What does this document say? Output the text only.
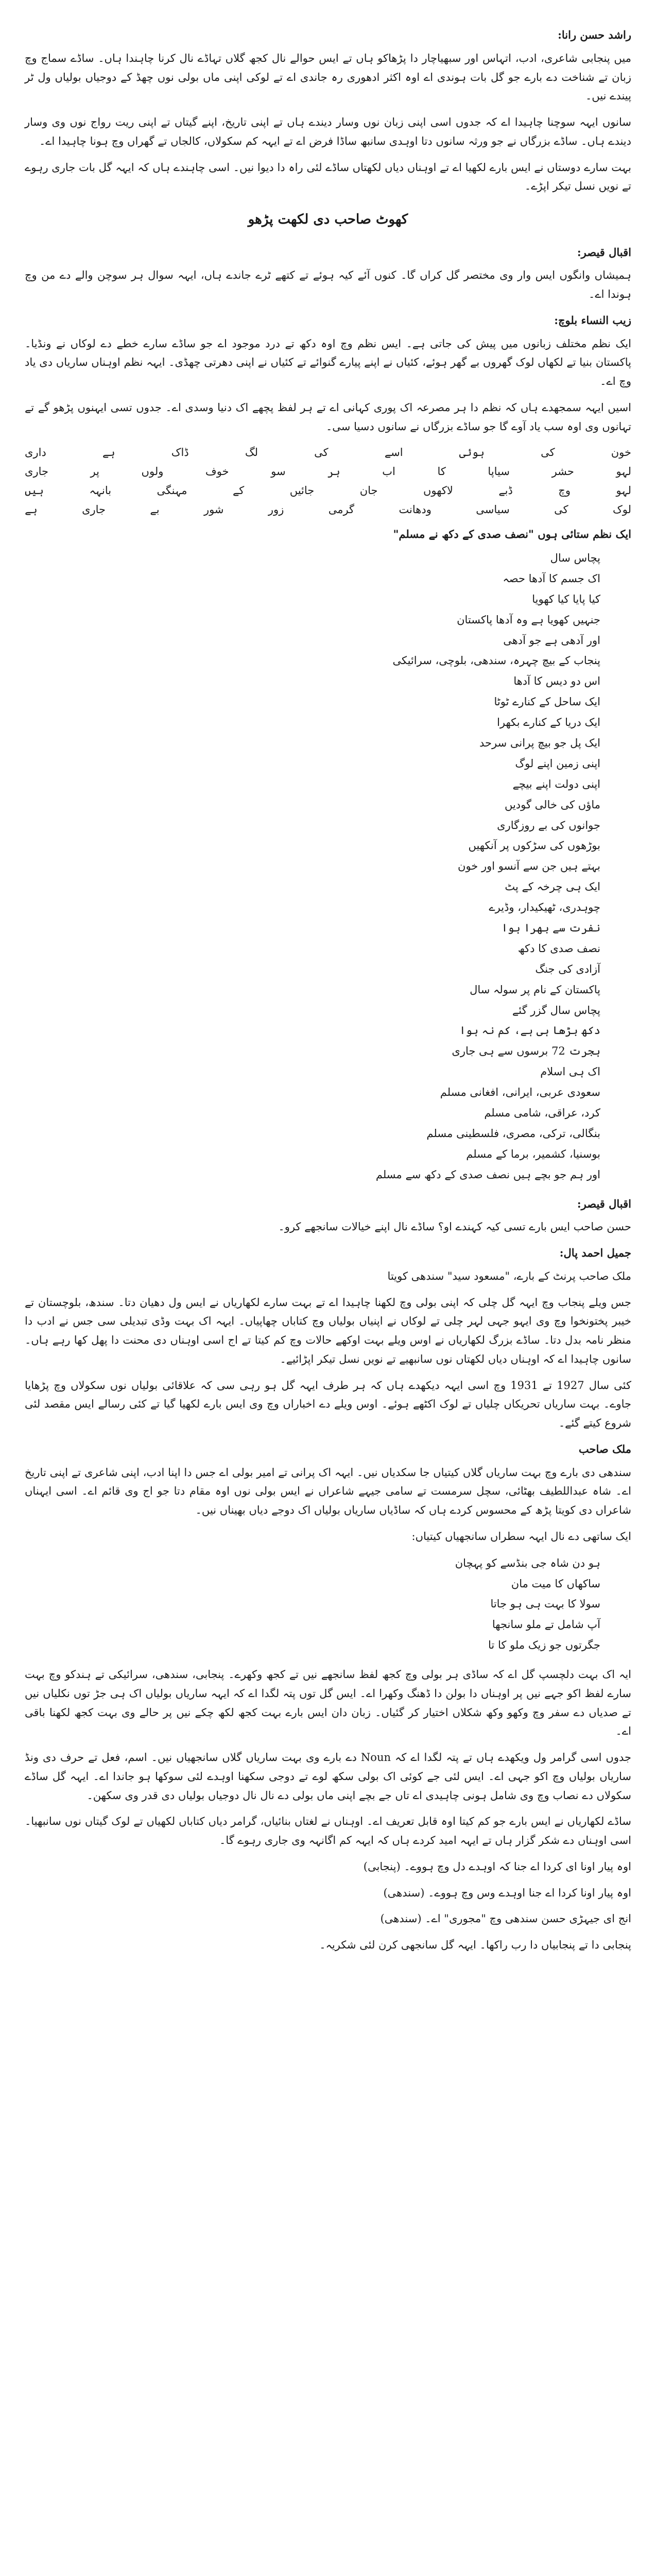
راشد حسن رانا:

میں پنجابی شاعری، ادب، اتہاس اور سبھیاچار دا پڑھاکو ہاں تے ایس حوالے نال کجھ گلاں تہاڈے نال کرنا چاہندا ہاں۔ ساڈے سماج وچ زبان تے شناخت دے بارے جو گل بات ہوندی اے اوہ اکثر ادھوری رہ جاندی اے تے لوکی اپنی ماں بولی نوں چھڈ کے دوجیاں بولیاں ول ٹر پیندے نیں۔

سانوں ایہہ سوچنا چاہیدا اے کہ جدوں اسی اپنی زبان نوں وسار دیندے ہاں تے اپنی تاریخ، اپنے گیتاں تے اپنی ریت رواج نوں وی وسار دیندے ہاں۔ ساڈے بزرگاں نے جو ورثہ سانوں دتا اوہدی سانبھ ساڈا فرض اے تے ایہہ کم سکولاں، کالجاں تے گھراں وچ ہونا چاہیدا اے۔

بہت سارے دوستاں نے ایس بارے لکھیا اے تے اوہناں دیاں لکھتاں ساڈے لئی راہ دا دیوا نیں۔ اسی چاہندے ہاں کہ ایہہ گل بات جاری رہوے تے نویں نسل تیکر اپڑے۔

کھوٹ صاحب دی لکھت پڑھو

اقبال قیصر:

ہمیشاں وانگوں ایس وار وی مختصر گل کراں گا۔ کنوں آئے کیہ ہوئے تے کتھے ٹرے جاندے ہاں، ایہہ سوال ہر سوچن والے دے من وچ ہوندا اے۔

زیب النساء بلوچ:

ایک نظم مختلف زبانوں میں پیش کی جاتی ہے۔ ایس نظم وچ اوہ دکھ تے درد موجود اے جو ساڈے سارے خطے دے لوکاں نے ونڈیا۔ پاکستان بنیا تے لکھاں لوک گھروں بے گھر ہوئے، کئیاں نے اپنے پیارے گنوائے تے کئیاں نے اپنی دھرتی چھڈی۔ ایہہ نظم اوہناں ساریاں دی یاد وچ اے۔

اسیں ایہہ سمجھدے ہاں کہ نظم دا ہر مصرعہ اک پوری کہانی اے تے ہر لفظ پچھے اک دنیا وسدی اے۔ جدوں تسی ایہنوں پڑھو گے تے تہانوں وی اوہ سب یاد آوے گا جو ساڈے بزرگاں نے سانوں دسیا سی۔

خون
کی
ہوئی
اسے
کی
لگ
ڈاک
ہے
داری
لہو
حشر
سیاپا
کا
اب
ہر
سو
خوف
ولوں
پر
جاری
لہو
وچ
ڈبے
لاکھوں
جان
جائیں
کے
مہنگی
بانہہ
ہیں
لوک
کی
سیاسی
ودھانت
گرمی
زور
شور
بے
جاری
ہے

ایک نظم ستائی ہوں "نصف صدی کے دکھ نے مسلم"

پچاس سال

اک جسم کا آدھا حصہ

کیا پایا کیا کھویا

جنہیں کھویا ہے وہ آدھا پاکستان

اور آدھی ہے جو آدھی

پنجاب کے بیچ چہرہ، سندھی، بلوچی، سرائیکی

اس دو دیس کا آدھا

ایک ساحل کے کنارے ٹوٹا

ایک دریا کے کنارے بکھرا

ایک پل جو بیچ پرانی سرحد

اپنی زمین اپنے لوگ

اپنی دولت اپنے بیچے

ماؤں کی خالی گودیں

جوانوں کی بے روزگاری

بوڑھوں کی سڑکوں پر آنکھیں

بہتے ہیں جن سے آنسو اور خون

ایک ہی چرخہ کے پٹ

چوہدری، ٹھیکیدار، وڈیرے

نفرت سے بھرا ہوا

نصف صدی کا دکھ

آزادی کی جنگ

پاکستان کے نام پر سولہ سال

پچاس سال گزر گئے

دکھ بڑھا ہی ہے، کم نہ ہوا

ہجرت 72 برسوں سے ہی جاری

اک ہی اسلام

سعودی عربی، ایرانی، افغانی مسلم

کرد، عراقی، شامی مسلم

بنگالی، ترکی، مصری، فلسطینی مسلم

بوسنیا، کشمیر، برما کے مسلم

اور ہم جو بچے ہیں نصف صدی کے دکھ سے مسلم

اقبال قیصر:

حسن صاحب ایس بارے تسی کیہ کہندے او؟ ساڈے نال اپنے خیالات سانجھے کرو۔

جمیل احمد پال:

ملک صاحب پرنٹ کے بارے، "مسعود سید" سندھی کویتا

جس ویلے پنجاب وچ ایہہ گل چلی کہ اپنی بولی وچ لکھنا چاہیدا اے تے بہت سارے لکھاریاں نے ایس ول دھیان دتا۔ سندھ، بلوچستان تے خیبر پختونخوا وچ وی ایہو جہی لہر چلی تے لوکاں نے اپنیاں بولیاں وچ کتاباں چھاپیاں۔ ایہہ اک بہت وڈی تبدیلی سی جس نے ادب دا منظر نامہ بدل دتا۔ ساڈے بزرگ لکھاریاں نے اوس ویلے بہت اوکھے حالات وچ کم کیتا تے اج اسی اوہناں دی محنت دا پھل کھا رہے ہاں۔ سانوں چاہیدا اے کہ اوہناں دیاں لکھتاں نوں سانبھیے تے نویں نسل تیکر اپڑائیے۔

کئی سال 1927 تے 1931 وچ اسی ایہہ دیکھدے ہاں کہ ہر طرف ایہہ گل ہو رہی سی کہ علاقائی بولیاں نوں سکولاں وچ پڑھایا جاوے۔ بہت ساریاں تحریکاں چلیاں تے لوک اکٹھے ہوئے۔ اوس ویلے دے اخباراں وچ وی ایس بارے لکھیا گیا تے کئی رسالے ایس مقصد لئی شروع کیتے گئے۔

ملک صاحب

سندھی دی بارے وچ بہت ساریاں گلاں کیتیاں جا سکدیاں نیں۔ ایہہ اک پرانی تے امیر بولی اے جس دا اپنا ادب، اپنی شاعری تے اپنی تاریخ اے۔ شاہ عبداللطیف بھٹائی، سچل سرمست تے سامی جیہے شاعراں نے ایس بولی نوں اوہ مقام دتا جو اج وی قائم اے۔ اسی ایہناں شاعراں دی کویتا پڑھ کے محسوس کردے ہاں کہ ساڈیاں ساریاں بولیاں اک دوجے دیاں بھیناں نیں۔

ایک ساتھی دے نال ایہہ سطراں سانجھیاں کیتیاں:

ہو دن شاہ جی بنڈسے کو پہچان

ساکھاں کا میت مان

سولا کا بہت ہی ہو جاتا

آپ شامل تے ملو سانجھا

جگرتوں جو زیک ملو کا تا

ایہ اک بہت دلچسپ گل اے کہ ساڈی ہر بولی وچ کجھ لفظ سانجھے نیں تے کجھ وکھرے۔ پنجابی، سندھی، سرائیکی تے ہندکو وچ بہت سارے لفظ اکو جہے نیں پر اوہناں دا بولن دا ڈھنگ وکھرا اے۔ ایس گل توں پتہ لگدا اے کہ ایہہ ساریاں بولیاں اک ہی جڑ توں نکلیاں نیں تے صدیاں دے سفر وچ وکھو وکھ شکلاں اختیار کر گئیاں۔ زبان دان ایس بارے بہت کجھ لکھ چکے نیں پر حالے وی بہت کجھ لکھنا باقی اے۔

جدوں اسی گرامر ول ویکھدے ہاں تے پتہ لگدا اے کہ Noun دے بارے وی بہت ساریاں گلاں سانجھیاں نیں۔ اسم، فعل تے حرف دی ونڈ ساریاں بولیاں وچ اکو جہی اے۔ ایس لئی جے کوئی اک بولی سکھ لوے تے دوجی سکھنا اوہدے لئی سوکھا ہو جاندا اے۔ ایہہ گل ساڈے سکولاں دے نصاب وچ وی شامل ہونی چاہیدی اے تاں جے بچے اپنی ماں بولی دے نال نال دوجیاں بولیاں دی قدر وی سکھن۔

ساڈے لکھاریاں نے ایس بارے جو کم کیتا اوہ قابل تعریف اے۔ اوہناں نے لغتاں بنائیاں، گرامر دیاں کتاباں لکھیاں تے لوک گیتاں نوں سانبھیا۔ اسی اوہناں دے شکر گزار ہاں تے ایہہ امید کردے ہاں کہ ایہہ کم اگانہہ وی جاری رہوے گا۔

اوہ پیار اونا ای کردا اے جنا کہ اوہدے دل وچ ہووے۔ (پنجابی)

اوہ پیار اونا کردا اے جنا اوہدے وس وچ ہووے۔ (سندھی)

انج ای جیہڑی حسن سندھی وچ "مجوری" اے۔ (سندھی)

پنجابی دا تے پنجابیاں دا رب راکھا۔ ایہہ گل سانجھی کرن لئی شکریہ۔
